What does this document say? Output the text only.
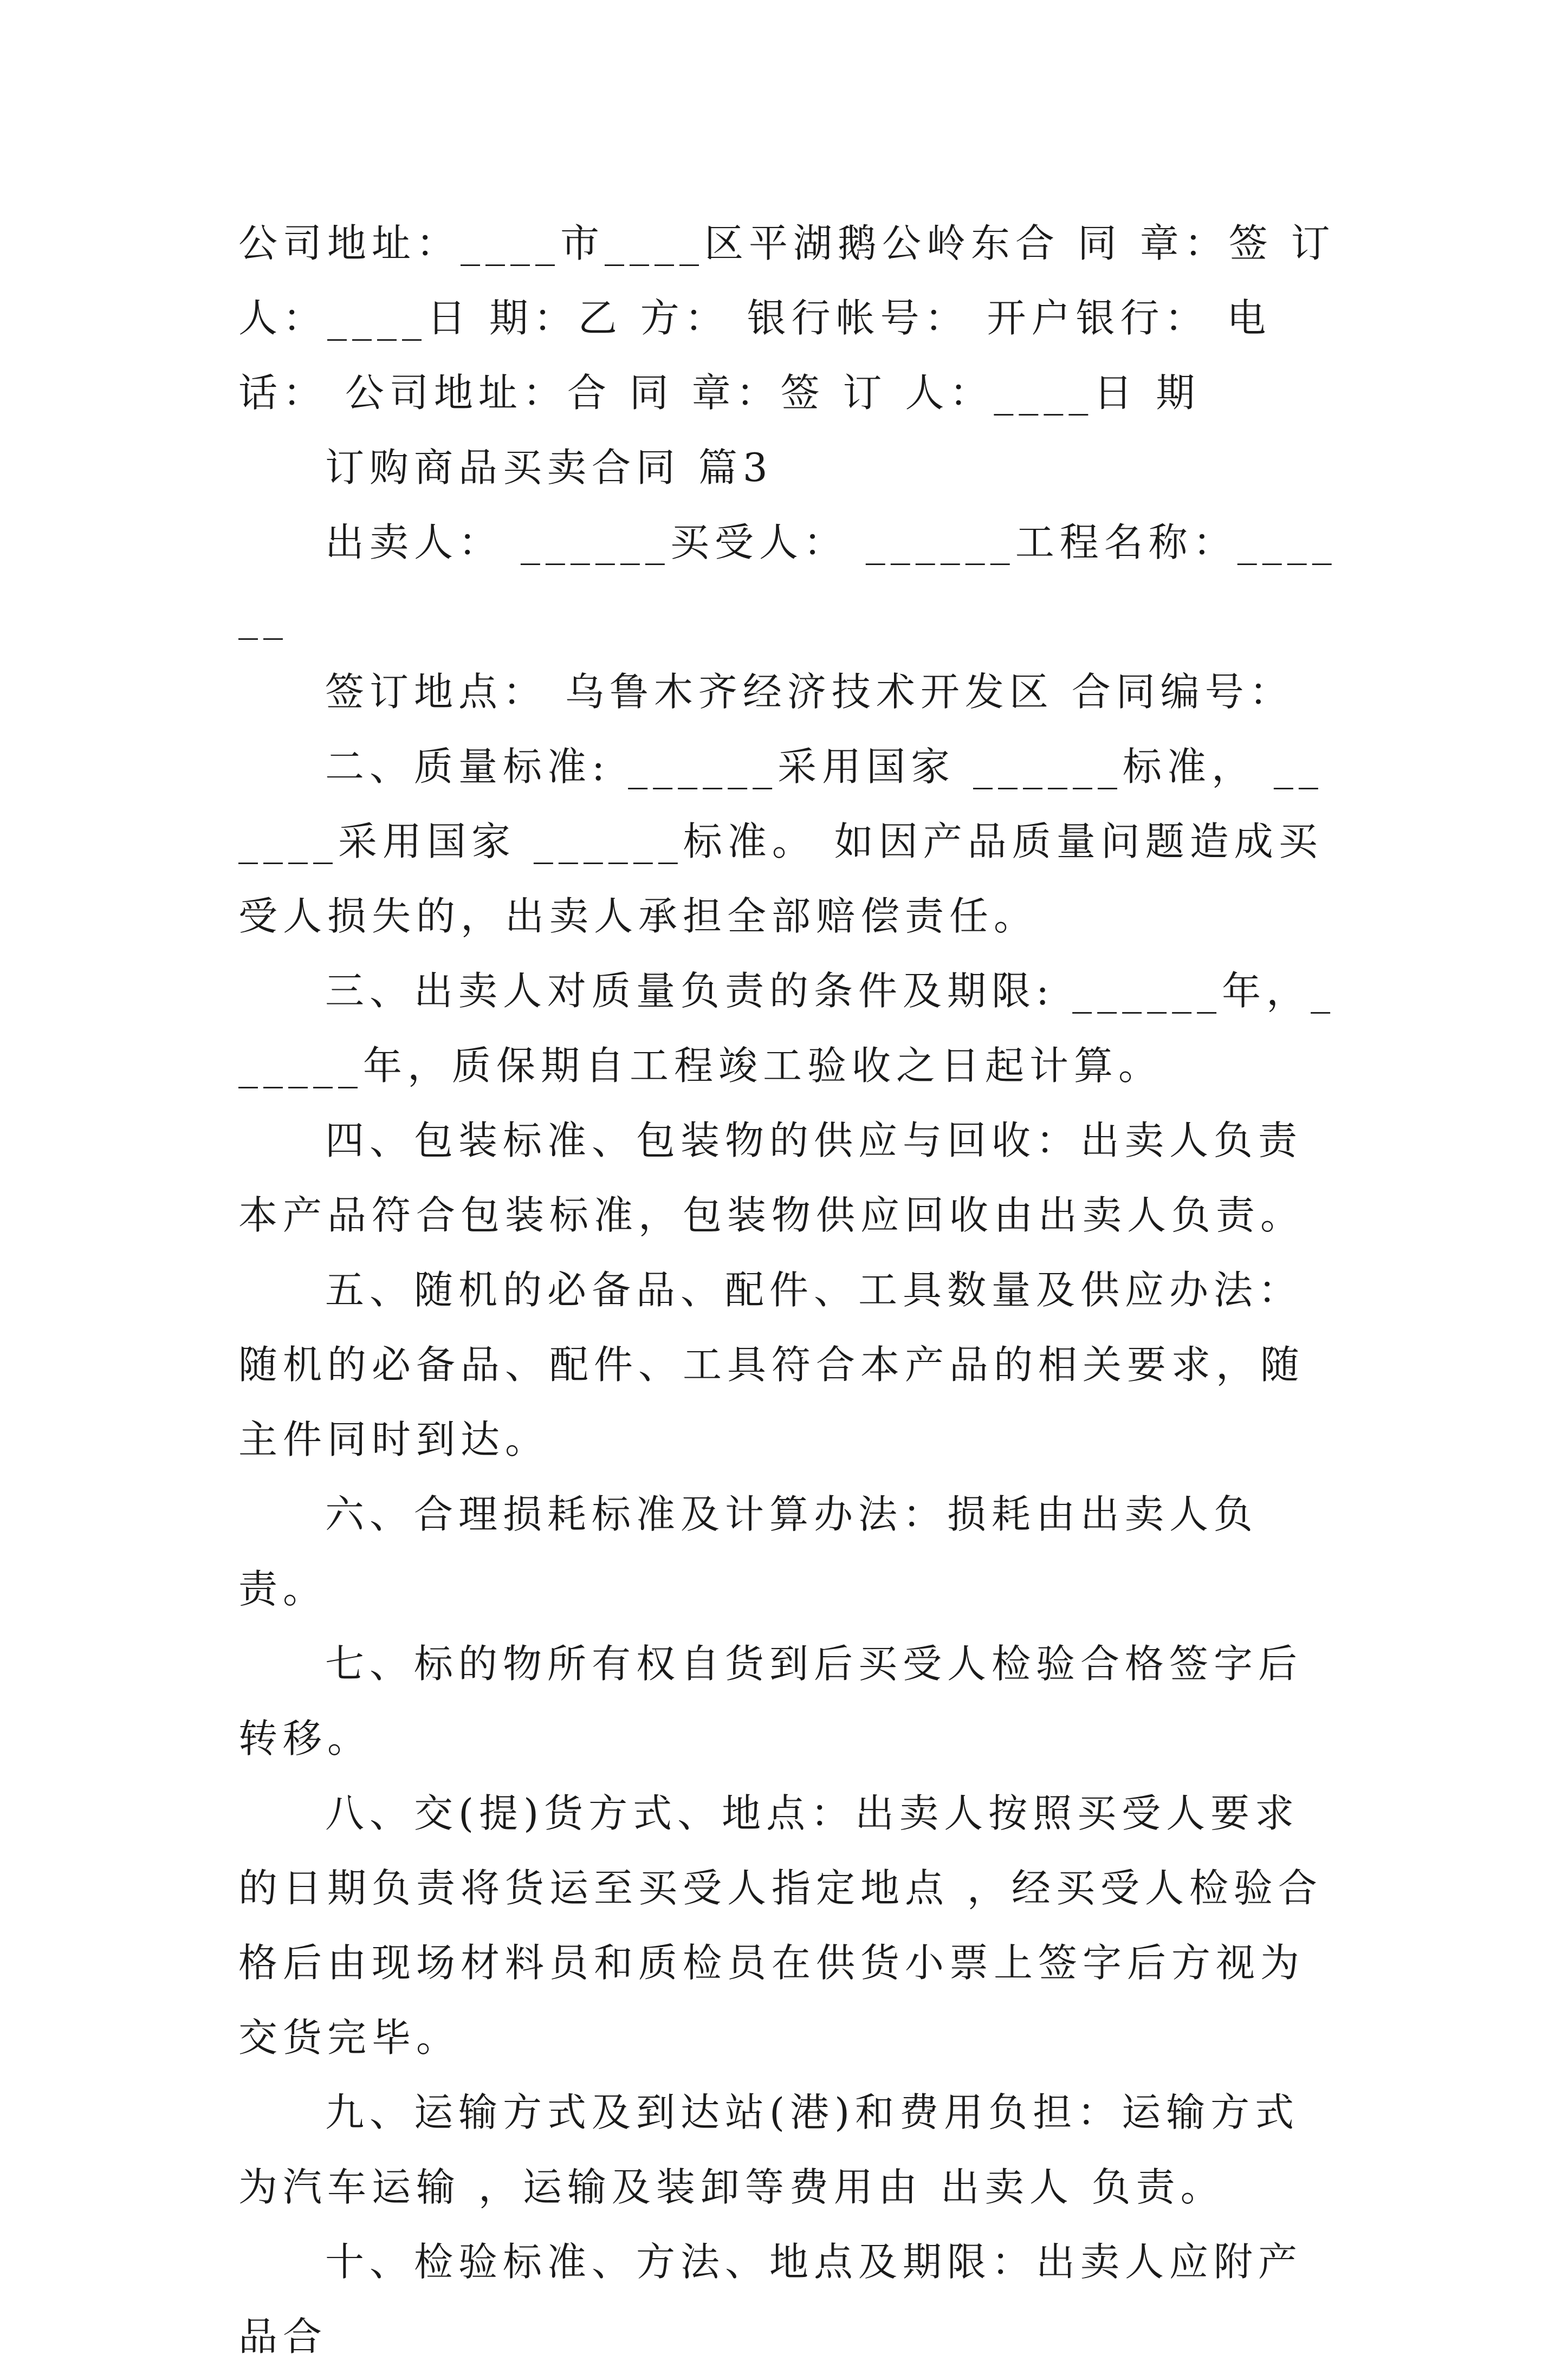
公司地址：____市____区平湖鹅公岭东合 同 章：签 订 人：____日 期：乙 方： 银行帐号： 开户银行： 电 话： 公司地址：合 同 章：签 订 人：____日 期

订购商品买卖合同 篇3

出卖人： ______买受人： ______工程名称：______

签订地点： 乌鲁木齐经济技术开发区 合同编号：

二、质量标准: ______采用国家 ______标准， ______采用国家 ______标准。 如因产品质量问题造成买受人损失的，出卖人承担全部赔偿责任。

三、出卖人对质量负责的条件及期限: ______年，______年，质保期自工程竣工验收之日起计算。

四、包装标准、包装物的供应与回收：出卖人负责本产品符合包装标准，包装物供应回收由出卖人负责。

五、随机的必备品、配件、工具数量及供应办法：随机的必备品、配件、工具符合本产品的相关要求，随主件同时到达。

六、合理损耗标准及计算办法：损耗由出卖人负责。

七、标的物所有权自货到后买受人检验合格签字后转移。

八、交(提)货方式、地点：出卖人按照买受人要求的日期负责将货运至买受人指定地点 ，经买受人检验合格后由现场材料员和质检员在供货小票上签字后方视为交货完毕。

九、运输方式及到达站(港)和费用负担：运输方式为汽车运输 ，运输及装卸等费用由 出卖人 负责。

十、检验标准、方法、地点及期限：出卖人应附产品合
